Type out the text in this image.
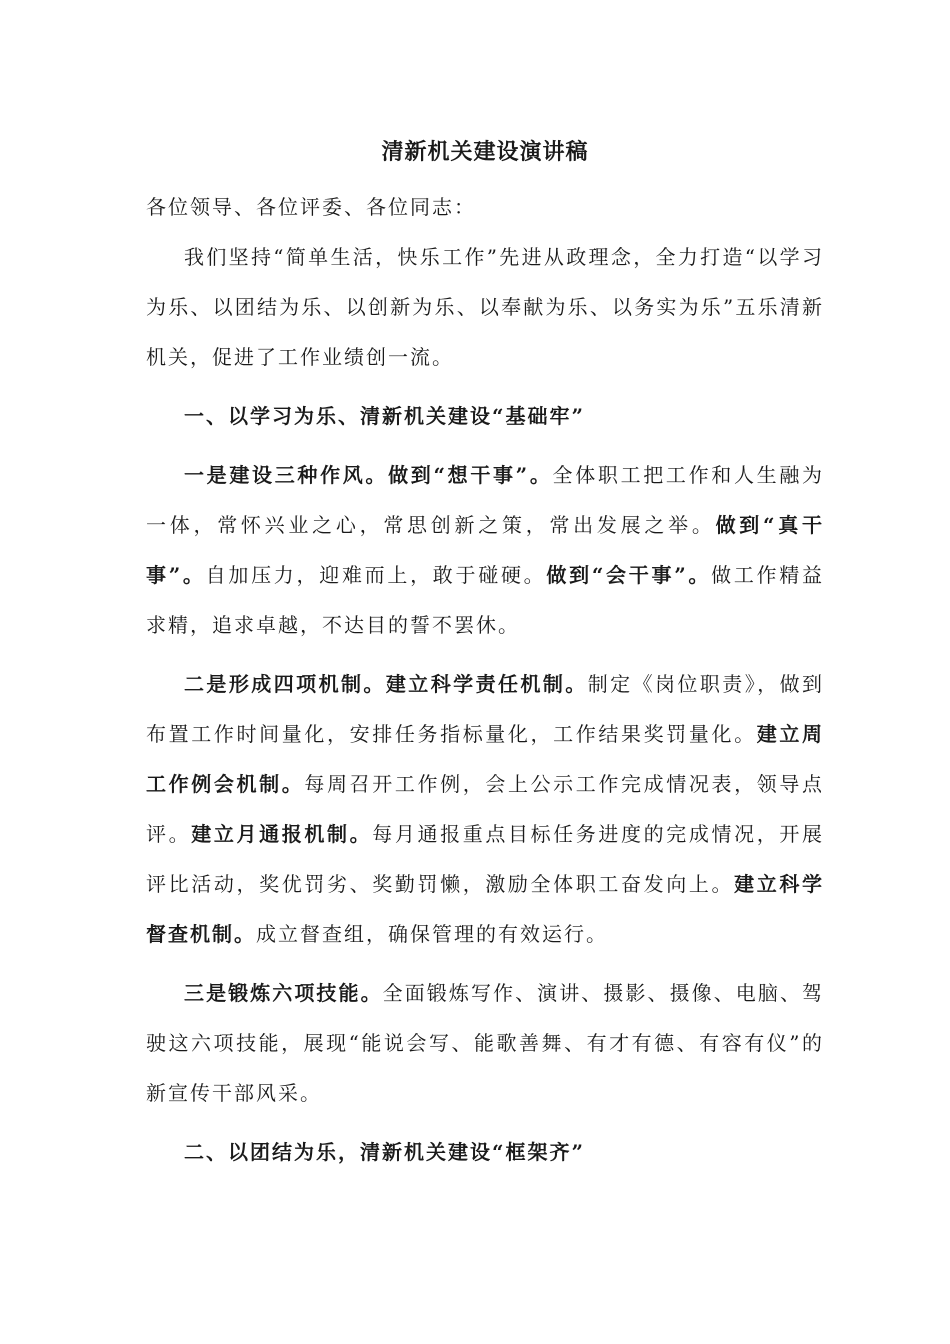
清新机关建设演讲稿

各位领导、各位评委、各位同志：

我们坚持“简单生活，快乐工作”先进从政理念，全力打造“以学习为乐、以团结为乐、以创新为乐、以奉献为乐、以务实为乐”五乐清新机关，促进了工作业绩创一流。

一、以学习为乐、清新机关建设“基础牢”

一是建设三种作风。做到“想干事”。全体职工把工作和人生融为一体，常怀兴业之心，常思创新之策，常出发展之举。做到“真干事”。自加压力，迎难而上，敢于碰硬。做到“会干事”。做工作精益求精，追求卓越，不达目的誓不罢休。

二是形成四项机制。建立科学责任机制。制定《岗位职责》，做到布置工作时间量化，安排任务指标量化，工作结果奖罚量化。建立周工作例会机制。每周召开工作例，会上公示工作完成情况表，领导点评。建立月通报机制。每月通报重点目标任务进度的完成情况，开展评比活动，奖优罚劣、奖勤罚懒，激励全体职工奋发向上。建立科学督查机制。成立督查组，确保管理的有效运行。

三是锻炼六项技能。全面锻炼写作、演讲、摄影、摄像、电脑、驾驶这六项技能，展现“能说会写、能歌善舞、有才有德、有容有仪”的新宣传干部风采。

二、以团结为乐，清新机关建设“框架齐”
